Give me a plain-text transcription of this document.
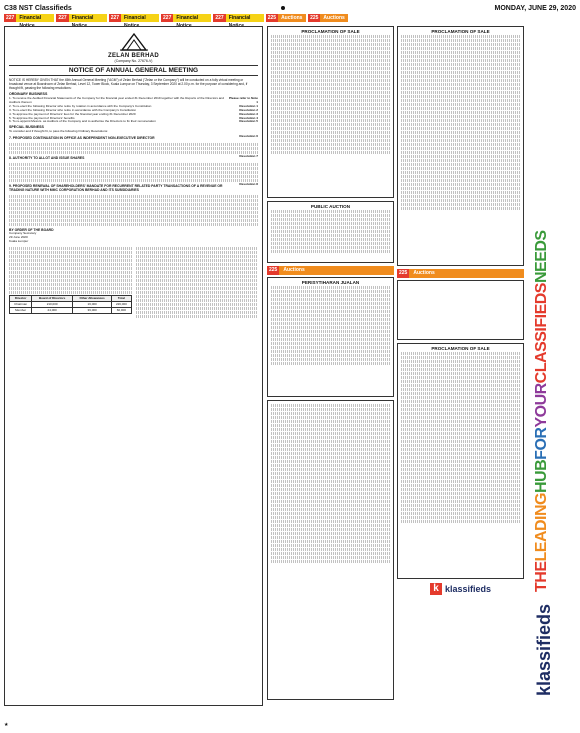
C38 NST Classifieds	MONDAY, JUNE 29, 2020
227	Financial Notice
227	Financial Notice
227	Financial Notice
227	Financial Notice
227	Financial Notice
225	Auctions	225	Auctions
ZELAN BERHAD
(Company No. 27676-V)
NOTICE OF ANNUAL GENERAL MEETING
NOTICE IS HEREBY GIVEN THAT the 45th Annual General Meeting ("AGM") of Zelan Berhad ("Zelan or the Company") will be conducted on a fully virtual meeting or broadcast venue at Boardroom of Zelan Berhad, Level 12, Tower Block, Kuala Lumpur on Thursday, 3 September 2020 at 2.00 p.m. for the purpose of considering and, if thought fit, passing the following resolutions:
ORDINARY BUSINESS
1. To receive the Audited Financial Statements of the Company for the financial year ended 31 December 2019 together with the Reports of the Directors and Auditors thereon
Please refer to Note 1
2. To re-elect the following Director who retire by rotation in accordance with the Company's Constitution	Resolution 1
3. To re-elect the following Director who retire in accordance with the Company's Constitution	Resolution 2
4. To approve the payment of Directors' fees for the financial year ending 31 December 2020	Resolution 3
5. To approve the payment of Directors' benefits	Resolution 4
6. To re-appoint Messrs. as Auditors of the Company and to authorise the Directors to fix their remuneration	Resolution 5
SPECIAL BUSINESS
To consider and if thought fit, to pass the following Ordinary Resolutions:
7. PROPOSED CONTINUATION IN OFFICE AS INDEPENDENT NON-EXECUTIVE DIRECTOR	Resolution 6
8. AUTHORITY TO ALLOT AND ISSUE SHARES	Resolution 7
9. PROPOSED RENEWAL OF SHAREHOLDERS' MANDATE FOR RECURRENT RELATED PARTY TRANSACTIONS OF A REVENUE OR TRADING NATURE WITH MMC CORPORATION BERHAD AND ITS SUBSIDIARIES
Resolution 8
BY ORDER OF THE BOARD
Company Secretary
29 June 2020
Kuala Lumpur
Director	Board of Directors	Other Allowances	Total
Chairman	210,000	16,000	226,000
Member	24,000	36,000	60,000
PROCLAMATION OF SALE
PUBLIC AUCTION
225	Auctions
PERISYTIHARAN JUALAN
PROCLAMATION OF SALE
225	Auctions
PROCLAMATION OF SALE
k klassifieds	THELEADINGHUBFORYOURCLASSIFIEDSNEEDS
klassifieds
★
